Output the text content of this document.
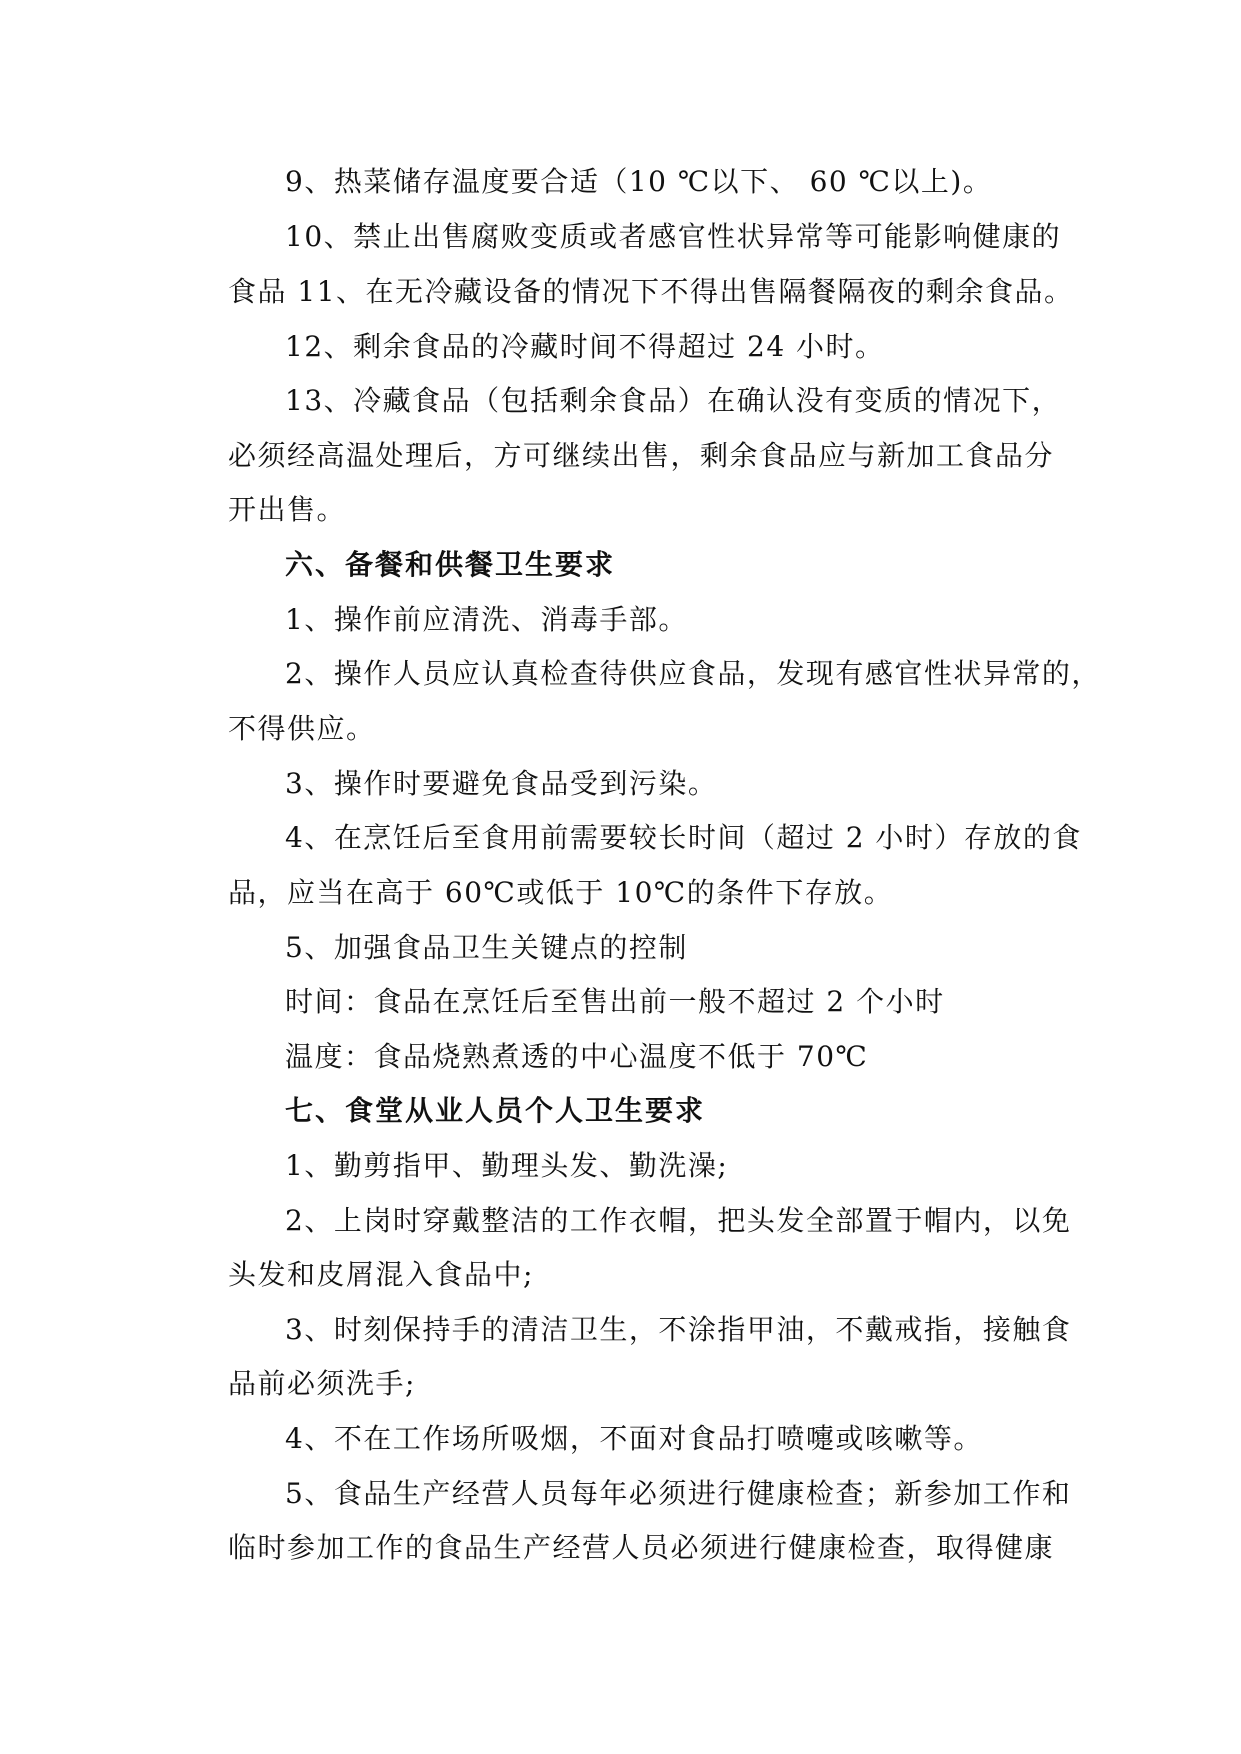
9、热菜储存温度要合适（10 ℃以下、 60 ℃以上)。
10、禁止出售腐败变质或者感官性状异常等可能影响健康的
食品 11、在无冷藏设备的情况下不得出售隔餐隔夜的剩余食品。
12、剩余食品的冷藏时间不得超过 24 小时。
13、冷藏食品（包括剩余食品）在确认没有变质的情况下，
必须经高温处理后，方可继续出售，剩余食品应与新加工食品分
开出售。
六、备餐和供餐卫生要求
1、操作前应清洗、消毒手部。
2、操作人员应认真检查待供应食品，发现有感官性状异常的，
不得供应。
3、操作时要避免食品受到污染。
4、在烹饪后至食用前需要较长时间（超过 2 小时）存放的食
品，应当在高于 60℃或低于 10℃的条件下存放。
5、加强食品卫生关键点的控制
时间：食品在烹饪后至售出前一般不超过 2 个小时
温度：食品烧熟煮透的中心温度不低于 70℃
七、食堂从业人员个人卫生要求
1、勤剪指甲、勤理头发、勤洗澡;
2、上岗时穿戴整洁的工作衣帽，把头发全部置于帽内，以免
头发和皮屑混入食品中;
3、时刻保持手的清洁卫生，不涂指甲油，不戴戒指，接触食
品前必须洗手;
4、不在工作场所吸烟，不面对食品打喷嚏或咳嗽等。
5、食品生产经营人员每年必须进行健康检查；新参加工作和
临时参加工作的食品生产经营人员必须进行健康检查，取得健康
